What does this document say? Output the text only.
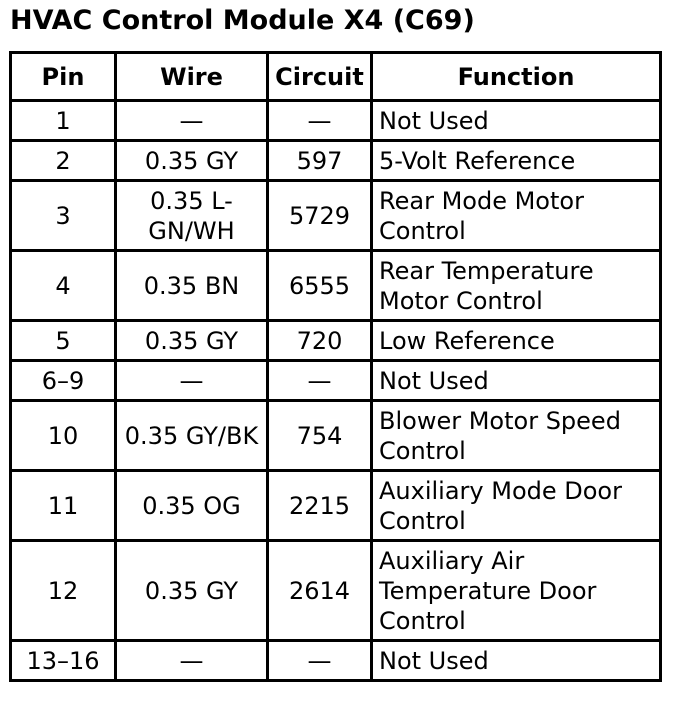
HVAC Control Module X4 (C69)
Pin	Wire	Circuit	Function
1	—	—	Not Used
2	0.35 GY	597	5-Volt Reference
3	0.35 L-GN/WH	5729	Rear Mode Motor Control
4	0.35 BN	6555	Rear Temperature Motor Control
5	0.35 GY	720	Low Reference
6–9	—	—	Not Used
10	0.35 GY/BK	754	Blower Motor Speed Control
11	0.35 OG	2215	Auxiliary Mode Door Control
12	0.35 GY	2614	Auxiliary Air Temperature Door Control
13–16	—	—	Not Used
